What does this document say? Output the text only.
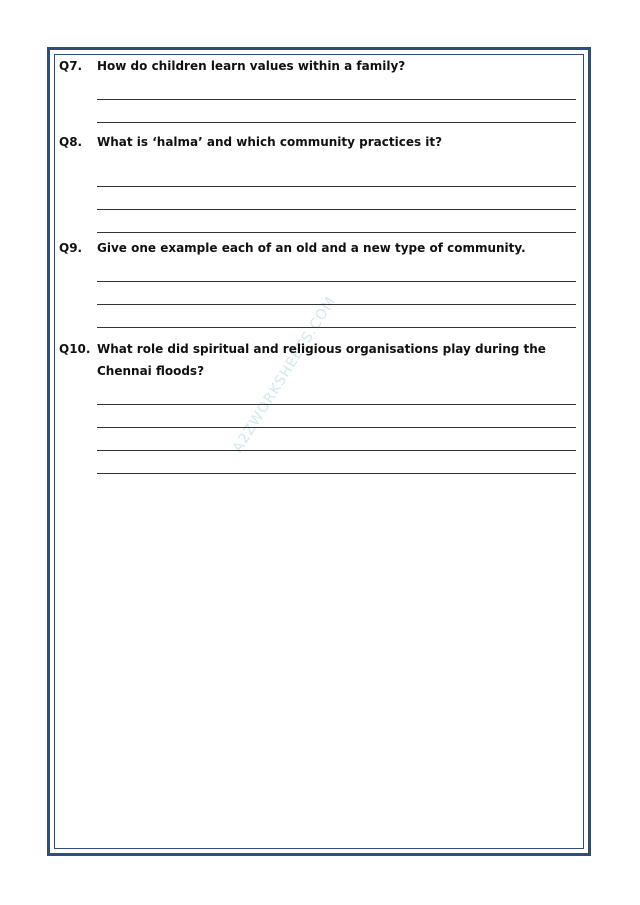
A2ZWORKSHEETS.COM
Q7.	How do children learn values within a family?
Q8.	What is ‘halma’ and which community practices it?
Q9.	Give one example each of an old and a new type of community.
Q10. What role did spiritual and religious organisations play during the Chennai floods?
